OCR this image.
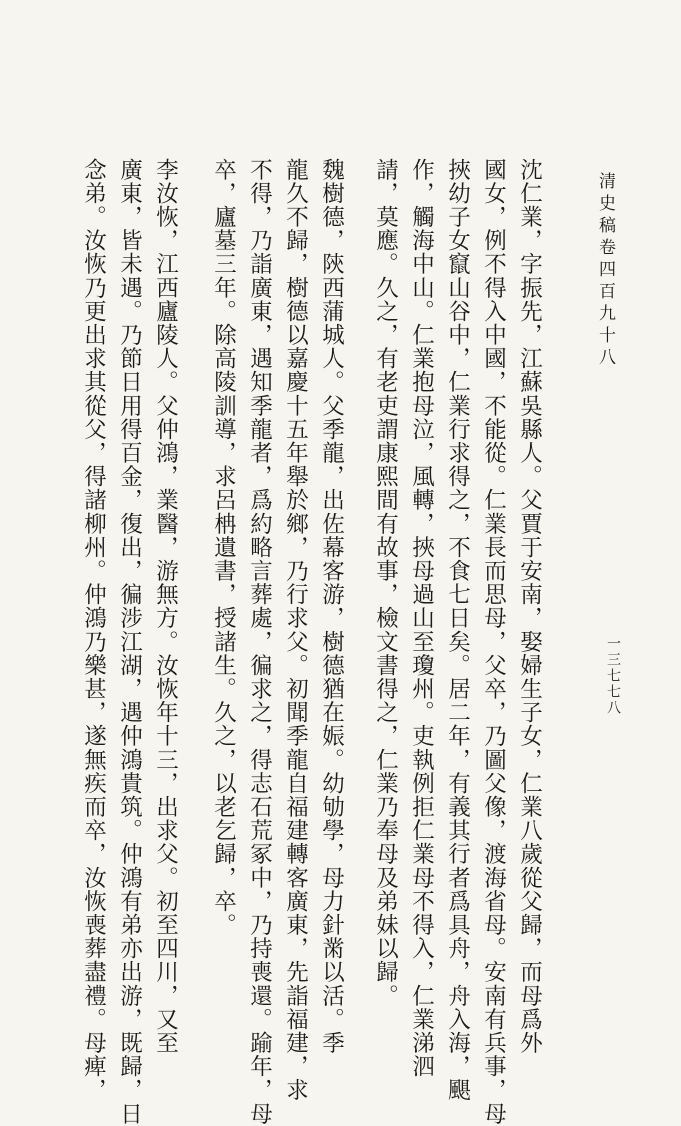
清史稿卷四百九十八
一三七七八
沈仁業，字振先，江蘇吳縣人。父賈于安南，娶婦生子女，仁業八歲從父歸，而母爲外
國女，例不得入中國，不能從。仁業長而思母，父卒，乃圖父像，渡海省母。安南有兵事，母
挾幼子女竄山谷中，仁業行求得之，不食七日矣。居二年，有義其行者爲具舟，舟入海，颶
作，觸海中山。仁業抱母泣，風轉，挾母過山至瓊州。吏執例拒仁業母不得入，仁業涕泗
請，莫應。久之，有老吏謂康熙間有故事，檢文書得之，仁業乃奉母及弟妹以歸。
魏樹德，陝西蒲城人。父季龍，出佐幕客游，樹德猶在娠。幼劬學，母力針黹以活。季
龍久不歸，樹德以嘉慶十五年舉於鄉，乃行求父。初聞季龍自福建轉客廣東，先詣福建，求
不得，乃詣廣東，遇知季龍者，爲約略言葬處，徧求之，得志石荒冢中，乃持喪還。踰年，母
卒，廬墓三年。除高陵訓導，求呂柟遺書，授諸生。久之，以老乞歸，卒。
李汝恢，江西廬陵人。父仲鴻，業醫，游無方。汝恢年十三，出求父。初至四川，又至
廣東，皆未遇。乃節日用得百金，復出，徧涉江湖，遇仲鴻貴筑。仲鴻有弟亦出游，既歸，日
念弟。汝恢乃更出求其從父，得諸柳州。仲鴻乃樂甚，遂無疾而卒，汝恢喪葬盡禮。母痺，
